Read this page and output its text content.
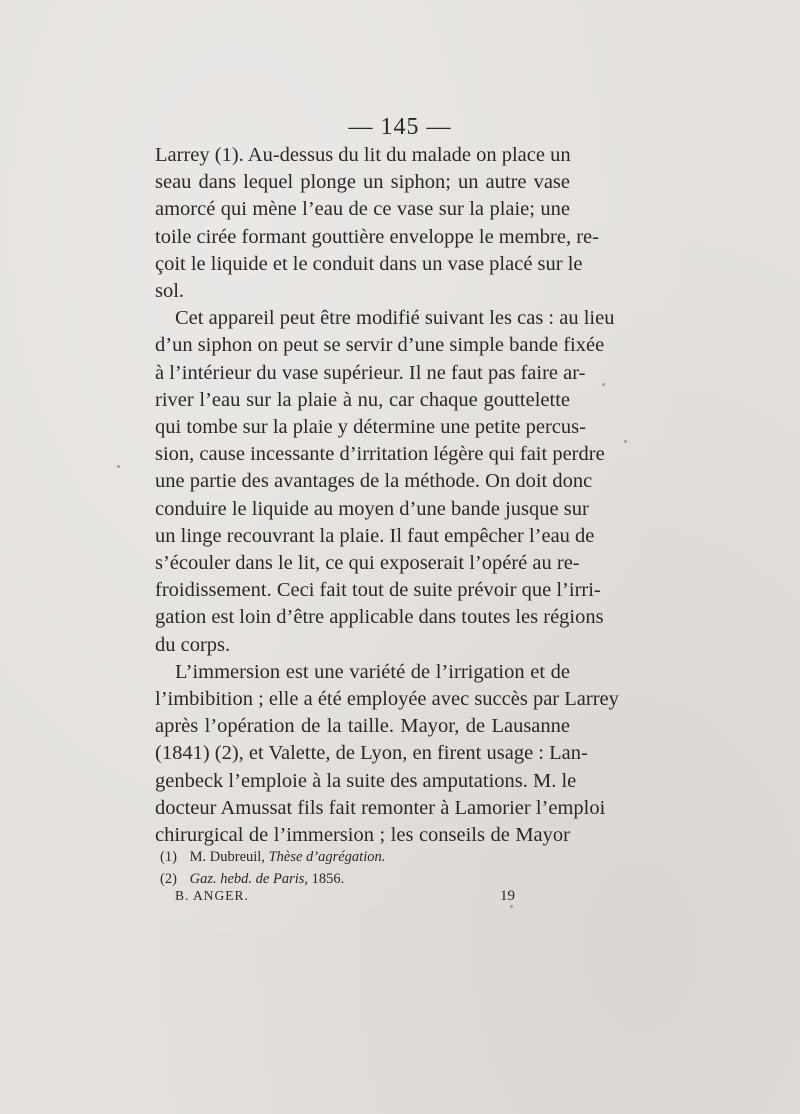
— 145 —

Larrey (1). Au-dessus du lit du malade on place un
seau dans lequel plonge un siphon; un autre vase
amorcé qui mène l’eau de ce vase sur la plaie; une
toile cirée formant gouttière enveloppe le membre, re-
çoit le liquide et le conduit dans un vase placé sur le
sol.

Cet appareil peut être modifié suivant les cas : au lieu
d’un siphon on peut se servir d’une simple bande fixée
à l’intérieur du vase supérieur. Il ne faut pas faire ar-
river l’eau sur la plaie à nu, car chaque gouttelette
qui tombe sur la plaie y détermine une petite percus-
sion, cause incessante d’irritation légère qui fait perdre
une partie des avantages de la méthode. On doit donc
conduire le liquide au moyen d’une bande jusque sur
un linge recouvrant la plaie. Il faut empêcher l’eau de
s’écouler dans le lit, ce qui exposerait l’opéré au re-
froidissement. Ceci fait tout de suite prévoir que l’irri-
gation est loin d’être applicable dans toutes les régions
du corps.

L’immersion est une variété de l’irrigation et de
l’imbibition ; elle a été employée avec succès par Larrey
après l’opération de la taille. Mayor, de Lausanne
(1841) (2), et Valette, de Lyon, en firent usage : Lan-
genbeck l’emploie à la suite des amputations. M. le
docteur Amussat fils fait remonter à Lamorier l’emploi
chirurgical de l’immersion ; les conseils de Mayor

(1) M. Dubreuil, Thèse d’agrégation.
(2) Gaz. hebd. de Paris, 1856.
B. ANGER.	19
